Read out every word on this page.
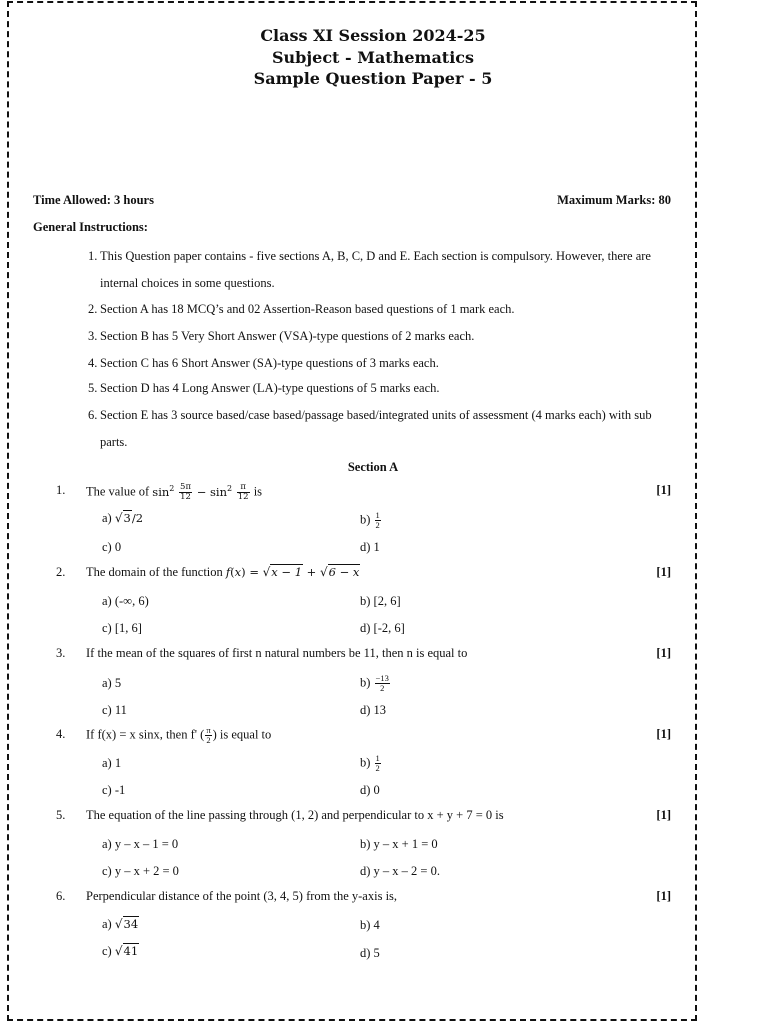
Class XI Session 2024-25
Subject - Mathematics
Sample Question Paper - 5
Time Allowed: 3 hours	Maximum Marks: 80
General Instructions:
1. This Question paper contains - five sections A, B, C, D and E. Each section is compulsory. However, there are internal choices in some questions.
2. Section A has 18 MCQ’s and 02 Assertion-Reason based questions of 1 mark each.
3. Section B has 5 Very Short Answer (VSA)-type questions of 2 marks each.
4. Section C has 6 Short Answer (SA)-type questions of 3 marks each.
5. Section D has 4 Long Answer (LA)-type questions of 5 marks each.
6. Section E has 3 source based/case based/passage based/integrated units of assessment (4 marks each) with sub parts.
Section A
1. The value of $\sin^2 \frac{5\pi}{12} - \sin^2 \frac{\pi}{12}$ is	[1]
a) √3/2	$b) \frac{1}{2}$
c) 0	d) 1
2. The domain of the function f(x) = √x − 1 + √6 − x	[1]
a) (-∞, 6)	b) [2, 6]
c) [1, 6]	d) [-2, 6]
3. If the mean of the squares of first n natural numbers be 11, then n is equal to	[1]
a) 5	$b) \frac{-13}{2}$
c) 11	d) 13
4. If f(x) = x sinx, then f' ( $\frac{\pi}{2}$ ) is equal to	[1]
a) 1	$b) \frac{1}{2}$
c) -1	d) 0
5. The equation of the line passing through (1, 2) and perpendicular to x + y + 7 = 0 is	[1]
a) y – x – 1 = 0	b) y – x + 1 = 0
c) y – x + 2 = 0	d) y – x – 2 = 0.
6. Perpendicular distance of the point (3, 4, 5) from the y-axis is,	[1]
a) √34	b) 4
c) √41	d) 5
